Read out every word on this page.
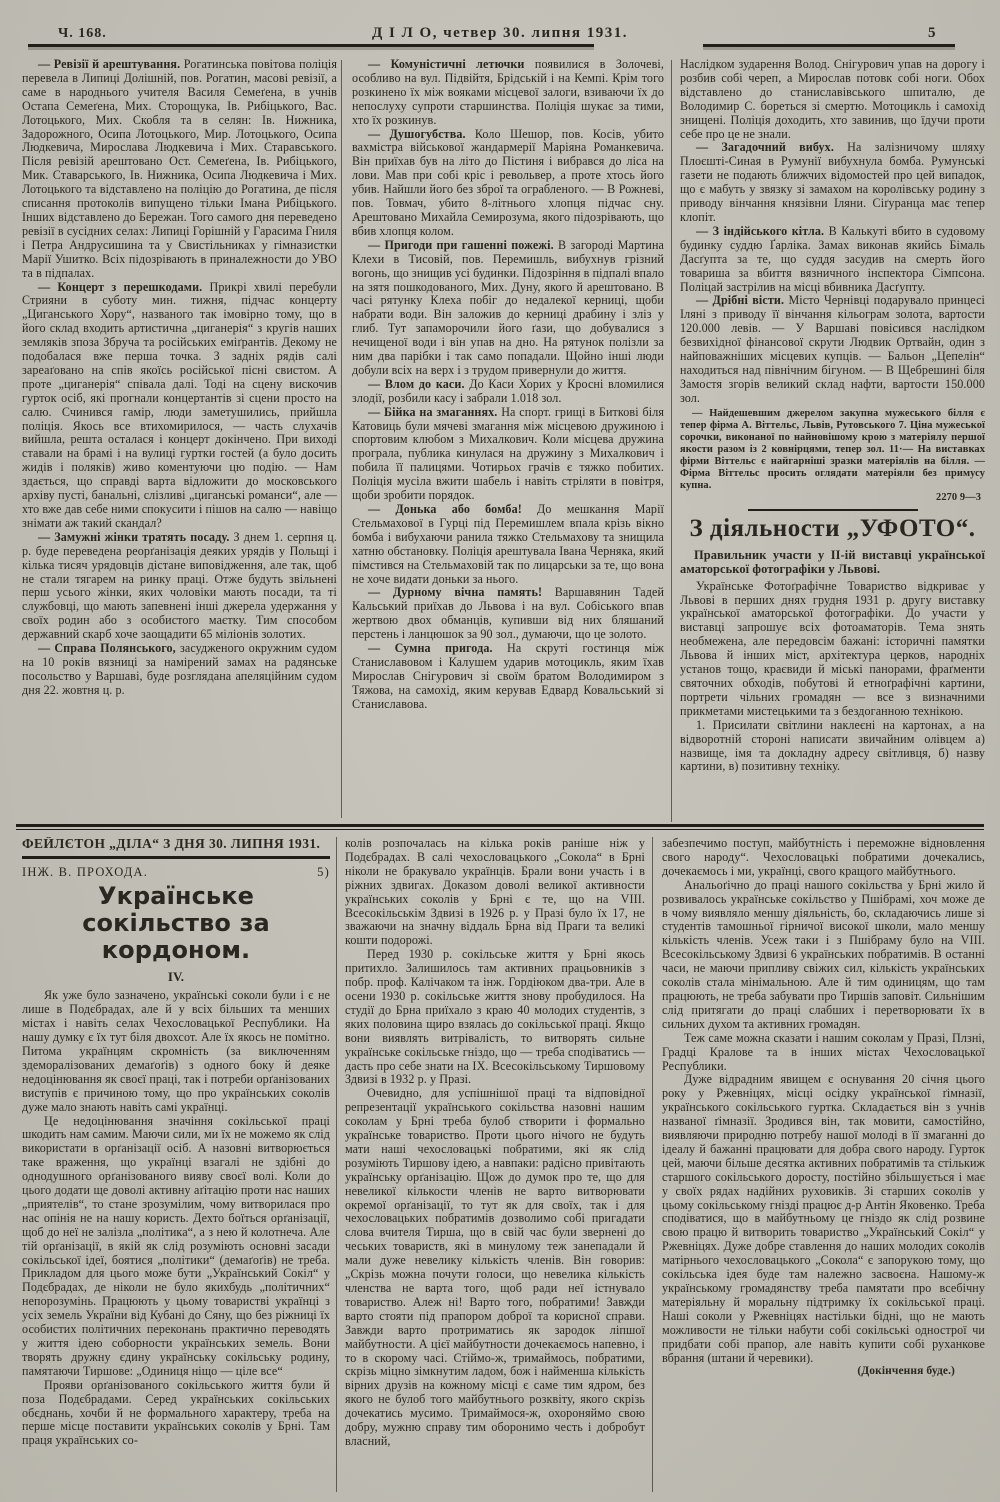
Ч. 168.	Д І Л О, четвер 30. липня 1931.	5

— Ревізії й арештування. Рогатинська повітова поліція перевела в Липиці Долішній, пов. Рогатин, масові ревізії, а саме в народнього учителя Василя Семеґена, в учнів Остапа Семеґена, Мих. Сторощука, Ів. Рибіцького, Вас. Лотоцького, Мих. Скобля та в селян: Ів. Нижника, Задорожного, Осипа Лотоцького, Мир. Лотоцького, Осипа Людкевича, Мирослава Людкевича і Мих. Старавського. Після ревізій арештовано Ост. Семеґена, Ів. Рибіцького, Мик. Ставарського, Ів. Нижника, Осипа Людкевича і Мих. Лотоцького та відставлено на поліцію до Рогатина, де після списання протоколів випущено тільки Імана Рибіцького. Інших відставлено до Бережан. Того самого дня переведено ревізії в сусідних селах: Липиці Горішній у Гарасима Гниля і Петра Андрусишина та у Свистільниках у гімназистки Марії Ушитко. Всіх підозрівають в приналежности до УВО та в підпалах.

— Концерт з перешкодами. Прикрі хвилі перебули Стрияни в суботу мин. тижня, підчас концерту „Циганського Хору“, названого так імовірно тому, що в його склад входить артистична „циганерія“ з кругів наших земляків зпоза Збруча та російських еміґрантів. Декому не подобалася вже перша точка. З задніх рядів салі зареаґовано на спів якоїсь російської пісні свистом. А проте „циганерія“ співала далі. Тоді на сцену вискочив гурток осіб, які прогнали концертантів зі сцени просто на салю. Счинився гамір, люди заметушились, прийшла поліція. Якось все втихомирилося, — часть слухачів вийшла, решта осталася і концерт докінчено. При виході ставали на брамі і на вулиці гуртки гостей (а було досить жидів і поляків) живо коментуючи цю подію. — Нам здається, що справді варта відложити до московського архіву пусті, банальні, слізливі „циганські романси“, але — хто вже дав себе ними спокусити і пішов на салю — навіщо знімати аж такий скандал?

— Замужні жінки тратять посаду. З днем 1. серпня ц. р. буде переведена реорґанізація деяких урядів у Польщі і кілька тисяч урядовців дістане виповідження, але так, щоб не стали тягарем на ринку праці. Отже будуть звільнені перш усього жінки, яких чоловіки мають посади, та ті службовці, що мають запевнені інші джерела удержання у своїх родин або з особистого маєтку. Тим способом державний скарб хоче заощадити 65 міліонів золотих.

— Справа Полянського, засудженого окружним судом на 10 років вязниці за намірений замах на радянське посольство у Варшаві, буде розглядана апеляційним судом дня 22. жовтня ц. р.

— Комуністичні летючки появилися в Золочеві, особливо на вул. Підвійтя, Брідській і на Кемпі. Крім того розкинено їх між вояками місцевої залоги, взиваючи їх до непослуху супроти старшинства. Поліція шукає за тими, хто їх розкинув.

— Душогубства. Коло Шешор, пов. Косів, убито вахмістра військової жандармерії Маріяна Романкевича. Він приїхав був на літо до Пістиня і вибрався до ліса на лови. Мав при собі кріс і револьвер, а проте хтось його убив. Найшли його без зброї та ограбленого. — В Рожневі, пов. Товмач, убито 8-літнього хлопця підчас сну. Арештовано Михайла Семирозума, якого підозрівають, що вбив хлопця колом.

— Пригоди при гашенні пожежі. В загороді Мартина Клехи в Тисовій, пов. Перемишль, вибухнув грізний вогонь, що знищив усі будинки. Підозріння в підпалі впало на зятя пошкодованого, Мих. Дуну, якого й арештовано. В часі рятунку Клеха побіг до недалекої керниці, щоби набрати води. Він заложив до керниці драбину і зліз у глиб. Тут запаморочили його ґази, що добувалися з нечищеної води і він упав на дно. На рятунок полізли за ним два парібки і так само попадали. Щойно інші люди добули всіх на верх і з трудом привернули до життя.

— Влом до каси. До Каси Хорих у Кросні вломилися злодії, розбили касу і забрали 1.018 зол.

— Бійка на змаганнях. На спорт. грищі в Биткові біля Катовиць були мячеві змагання між місцевою дружиною і спортовим клюбом з Михалкович. Коли місцева дружина програла, публика кинулася на дружину з Михалкович і побила її палицями. Чотирьох грачів є тяжко побитих. Поліція мусіла вжити шабель і навіть стріляти в повітря, щоби зробити порядок.

— Донька або бомба! До мешкання Марії Стельмахової в Гурці під Перемишлем впала крізь вікно бомба і вибухаючи ранила тяжко Стельмахову та знищила хатню обстановку. Поліція арештувала Івана Черняка, який пімстився на Стельмаховій так по лицарськи за те, що вона не хоче видати доньки за нього.

— Дурному вічна память! Варшавянин Тадей Кальський приїхав до Львова і на вул. Собіського впав жертвою двох обманців, купивши від них бляшаний перстень і ланцюшок за 90 зол., думаючи, що це золото.

— Сумна пригода. На скруті гостинця між Станиславовом і Калушем ударив мотоцикль, яким їхав Мирослав Снігурович зі своїм братом Володимиром з Тяжова, на самохід, яким керував Едвард Ковальський зі Станиславова.

Наслідком зударення Волод. Снігурович упав на дорогу і розбив собі череп, а Мирослав потовк собі ноги. Обох відставлено до станиславівського шпиталю, де Володимир С. бореться зі смертю. Мотоцикль і самохід знищені. Поліція доходить, хто завинив, що їдучи проти себе про це не знали.

— Загадочний вибух. На залізничому шляху Плоєшті-Синая в Румунії вибухнула бомба. Румунські газети не подають ближчих відомостей про цей випадок, що є мабуть у звязку зі замахом на королівську родину з приводу вінчання князівни Іляни. Сіґуранца має тепер клопіт.

— З індійського кітла. В Калькуті вбито в судовому будинку суддю Ґарліка. Замах виконав якийсь Бімаль Дасґупта за те, що суддя засудив на смерть його товариша за вбиття вязничного інспектора Сімпсона. Поліцай застрілив на місці вбивника Дасґупту.

— Дрібні вісти. Місто Чернівці подарувало принцесі Іляні з приводу її вінчання кільограм золота, вартости 120.000 левів. — У Варшаві повісився наслідком безвихідної фінансової скрути Людвик Ортвайн, один з найповажніших місцевих купців. — Бальон „Цепелін“ находиться над північним бігуном. — В Щебрешині біля Замостя згорів великий склад нафти, вартости 150.000 зол.

— Найдешевшим джерелом закупна мужеського білля є тепер фірма А. Віттельс, Львів, Рутовського 7. Ціна мужеської сорочки, виконаної по найновішому крою з матеріялу першої якости разом із 2 ковнірцями, тепер зол. 11·— На виставках фірми Віттельс є найгарніші зразки матеріялів на білля. — Фірма Віттельс просить оглядати матеріяли без примусу купна.

2270 9—3

З діяльности „УФОТО“.

Правильник участи у ІІ-ій виставці української аматорської фотографіки у Львові.

Українське Фотоґрафічне Товариство відкриває у Львові в перших днях грудня 1931 р. другу виставку української аматорської фотографіки. До участи у виставці запрошує всіх фотоаматорів. Тема знять необмежена, але передовсім бажані: історичні памятки Львова й інших міст, архітектура церков, народніх установ тощо, краєвиди й міські панорами, фраґменти святочних обходів, побутові й етноґрафічні картини, портрети чільних громадян — все з визначними прикметами мистецькими та з бездоганною технікою.

1. Присилати світлини наклеєні на картонах, а на відворотній стороні написати звичайним олівцем а) назвище, імя та докладну адресу світливця, б) назву картини, в) позитивну техніку.

ФЕЙЛЄТОН „ДІЛА“ З ДНЯ 30. ЛИПНЯ 1931.
ІНЖ. В. ПРОХОДА.	5)
Українське сокільство за кордоном.
IV.

Як уже було зазначено, українські соколи були і є не лише в Подєбрадах, але й у всіх більших та менших містах і навіть селах Чехословацької Республики. На нашу думку є їх тут біля двохсот. Але їх якось не помітно. Питома українцям скромність (за виключенням здеморалізованих демаґоґів) з одного боку й деяке недоцінювання як своєї праці, так і потреби орґанізованих виступів є причиною тому, що про українських соколів дуже мало знають навіть самі українці.

Це недоцінювання значіння сокільської праці шкодить нам самим. Маючи сили, ми їх не можемо як слід використати в орґанізації осіб. А назовні витворюється таке враження, що українці взагалі не здібні до однодушного орґанізованого вияву своєї волі. Коли до цього додати ще доволі активну аґітацію проти нас наших „приятелів“, то стане зрозумілим, чому витворилася про нас опінія не на нашу користь. Дехто боїться орґанізації, щоб до неї не залізла „політика“, а з нею й колотнеча. Але тій орґанізації, в якій як слід розуміють основні засади сокільської ідеї, боятися „політики“ (демаґоґів) не треба. Прикладом для цього може бути „Український Сокіл“ у Подєбрадах, де ніколи не було якихбудь „політичних“ непорозумінь. Працюють у цьому товаристві українці з усіх земель України від Кубані до Сяну, що без ріжниці їх особистих політичних переконань практично переводять у життя ідею соборности українських земель. Вони творять дружну єдину українську сокільську родину, памятаючи Тиршове: „Одиниця ніщо — ціле все“

Прояви орґанізованого сокільського життя були й поза Подєбрадами. Серед українських сокільських обєднань, хочби й не формального характеру, треба на перше місце поставити українських соколів у Брні. Там праця українських со-

колів розпочалась на кілька років раніше ніж у Подєбрадах. В салі чехословацького „Сокола“ в Брні ніколи не бракувало українців. Брали вони участь і в ріжних здвигах. Доказом доволі великої активности українських соколів у Брні є те, що на VIII. Всесокільськім Здвизі в 1926 р. у Празі було їх 17, не зважаючи на значну віддаль Брна від Праги та великі кошти подорожі.

Перед 1930 р. сокільське життя у Брні якось притихло. Залишилось там активних працьовників з побр. проф. Калічаком та інж. Гордіюком два-три. Але в осени 1930 р. сокільське життя знову пробудилося. На студії до Брна приїхало з краю 40 молодих студентів, з яких половина щиро взялась до сокільської праці. Якщо вони виявлять витрівалість, то витворять сильне українське сокільське гніздо, що — треба сподіватись — дасть про себе знати на IX. Всесокільському Тиршовому Здвизі в 1932 р. у Празі.

Очевидно, для успішнішої праці та відповідної репрезентації українського сокільства назовні нашим соколам у Брні треба булоб створити і формально українське товариство. Проти цього нічого не будуть мати наші чехословацькі побратими, які як слід розуміють Тиршову ідею, а навпаки: радісно привітають українську орґанізацію. Щож до думок про те, що для невеликої кількости членів не варто витворювати окремої орґанізації, то тут як для своїх, так і для чехословацьких побратимів дозволимо собі пригадати слова вчителя Тирша, що в свій час були звернені до чеських товариств, які в минулому теж занепадали й мали дуже невелику кількість членів. Він говорив: „Скрізь можна почути голоси, що невелика кількість членства не варта того, щоб ради неї істнувало товариство. Алеж ні! Варто того, побратими! Завжди варто стояти під прапором доброї та корисної справи. Завжди варто протриматись як зародок ліпшої майбутности. А цієї майбутности дочекаємось напевно, і то в скорому часі. Стіймо-ж, тримаймось, побратими, скрізь міцно зімкнутим ладом, бож і найменша кількість вірних друзів на кожному місці є саме тим ядром, без якого не булоб того майбутнього розквіту, якого скрізь дочекатись мусимо. Тримаймося-ж, охороняймо свою добру, мужню справу тим оборонимо честь і добробут власний,

забезпечимо поступ, майбутність і переможне відновлення свого народу“. Чехословацькі побратими дочекались, дочекаємось і ми, українці, свого кращого майбутнього.

Анальоґічно до праці нашого сокільства у Брні жило й розвивалось українське сокільство у Пшібрамі, хоч може де в чому виявляло меншу діяльність, бо, складаючись лише зі студентів тамошньої гірничої високої школи, мало меншу кількість членів. Усеж таки і з Пшібраму було на VIII. Всесокільському Здвизі 6 українських побратимів. В останні часи, не маючи припливу свіжих сил, кількість українських соколів стала мінімальною. Але й тим одиницям, що там працюють, не треба забувати про Тиршів заповіт. Сильнішим слід притягати до праці слабших і перетворювати їх в сильних духом та активних громадян.

Теж саме можна сказати і нашим соколам у Празі, Плзні, Градці Кралове та в інших містах Чехословацької Республики.

Дуже відрадним явищем є оснування 20 січня цього року у Ржевніцях, місці осідку української ґімназії, українського сокільського гуртка. Складається він з учнів названої ґімназії. Зродився він, так мовити, самостійно, виявляючи природню потребу нашої молоді в її змаганні до ідеалу й бажанні працювати для добра свого народу. Гурток цей, маючи більше десятка активних побратимів та стількиж старшого сокільського доросту, постійно збільшується і має у своїх рядах надійних руховиків. Зі старших соколів у цьому сокільському гнізді працює д-р Антін Яковенко. Треба сподіватися, що в майбутньому це гніздо як слід розвине свою працю й витворить товариство „Український Сокіл“ у Ржевніцях. Дуже добре ставлення до наших молодих соколів матірнього чехословацького „Сокола“ є запорукою тому, що сокільська ідея буде там належно засвоєна. Нашому-ж українському громадянству треба памятати про всебічну матеріяльну й моральну підтримку їх сокільської праці. Наші соколи у Ржевніцях настільки бідні, що не мають можливости не тільки набути собі сокільські однострої чи придбати собі прапор, але навіть купити собі руханкове вбрання (штани й черевики).

(Докінчення буде.)
